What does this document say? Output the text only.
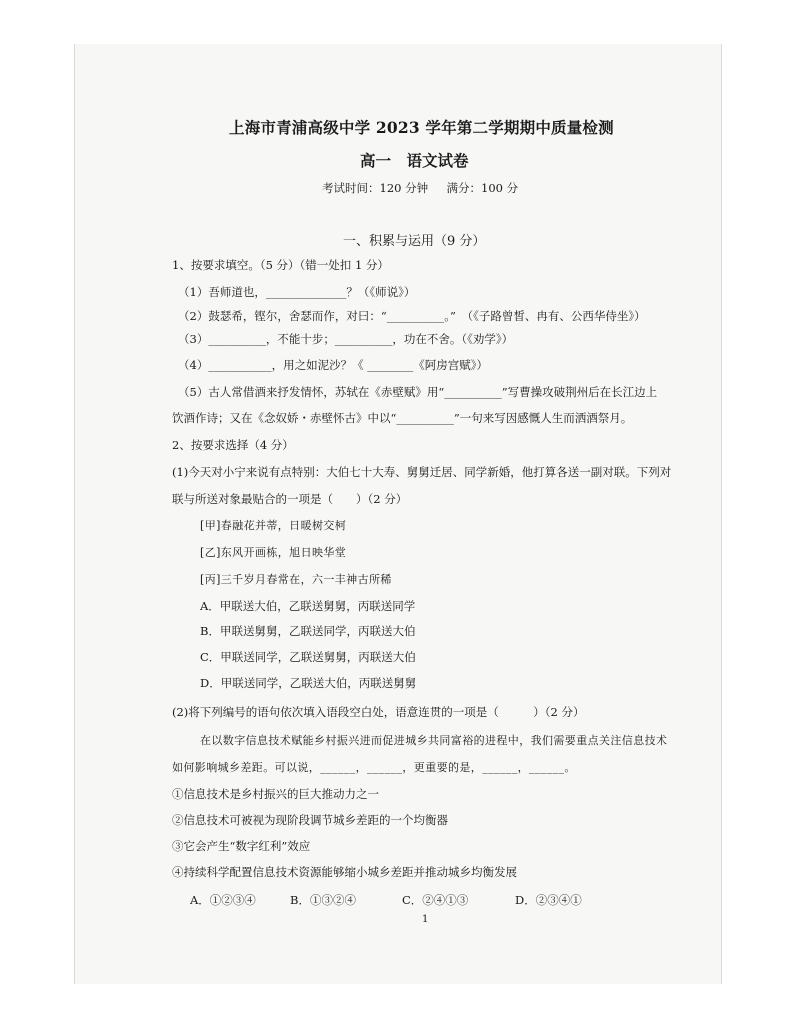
上海市青浦高级中学 2023 学年第二学期期中质量检测
高一　语文试卷
考试时间：120 分钟 满分：100 分
一、积累与运用（9 分）
1、按要求填空。（5 分）（错一处扣 1 分）
（1）吾师道也，______________？（《师说》）
（2）鼓瑟希，铿尔，舍瑟而作，对曰：“__________。”　（《子路曾皙、冉有、公西华侍坐》）
（3）__________，不能十步；__________，功在不舍。（《劝学》）
（4）___________，用之如泥沙？《 ________《阿房宫赋》）
（5）古人常借酒来抒发情怀，苏轼在《赤壁赋》用“__________”写曹操攻破荆州后在长江边上
饮酒作诗；又在《念奴娇・赤壁怀古》中以“__________”一句来写因感慨人生而洒酒祭月。
2、按要求选择（4 分）
(1)今天对小宁来说有点特别：大伯七十大寿、舅舅迁居、同学新婚，他打算各送一副对联。下列对
联与所送对象最贴合的一项是（　　）（2 分）
[甲]春融花并蒂，日暖树交柯
[乙]东风开画栋，旭日映华堂
[丙]三千岁月春常在，六一丰神古所稀
A．甲联送大伯，乙联送舅舅，丙联送同学
B．甲联送舅舅，乙联送同学，丙联送大伯
C．甲联送同学，乙联送舅舅，丙联送大伯
D．甲联送同学，乙联送大伯，丙联送舅舅
(2)将下列编号的语句依次填入语段空白处，语意连贯的一项是（　　　）（2 分）
在以数字信息技术赋能乡村振兴进而促进城乡共同富裕的进程中，我们需要重点关注信息技术
如何影响城乡差距。可以说，______，______，更重要的是，______，______。
①信息技术是乡村振兴的巨大推动力之一
②信息技术可被视为现阶段调节城乡差距的一个均衡器
③它会产生“数字红利”效应
④持续科学配置信息技术资源能够缩小城乡差距并推动城乡均衡发展
A．①②③④	B．①③②④	C．②④①③	D．②③④①
1
